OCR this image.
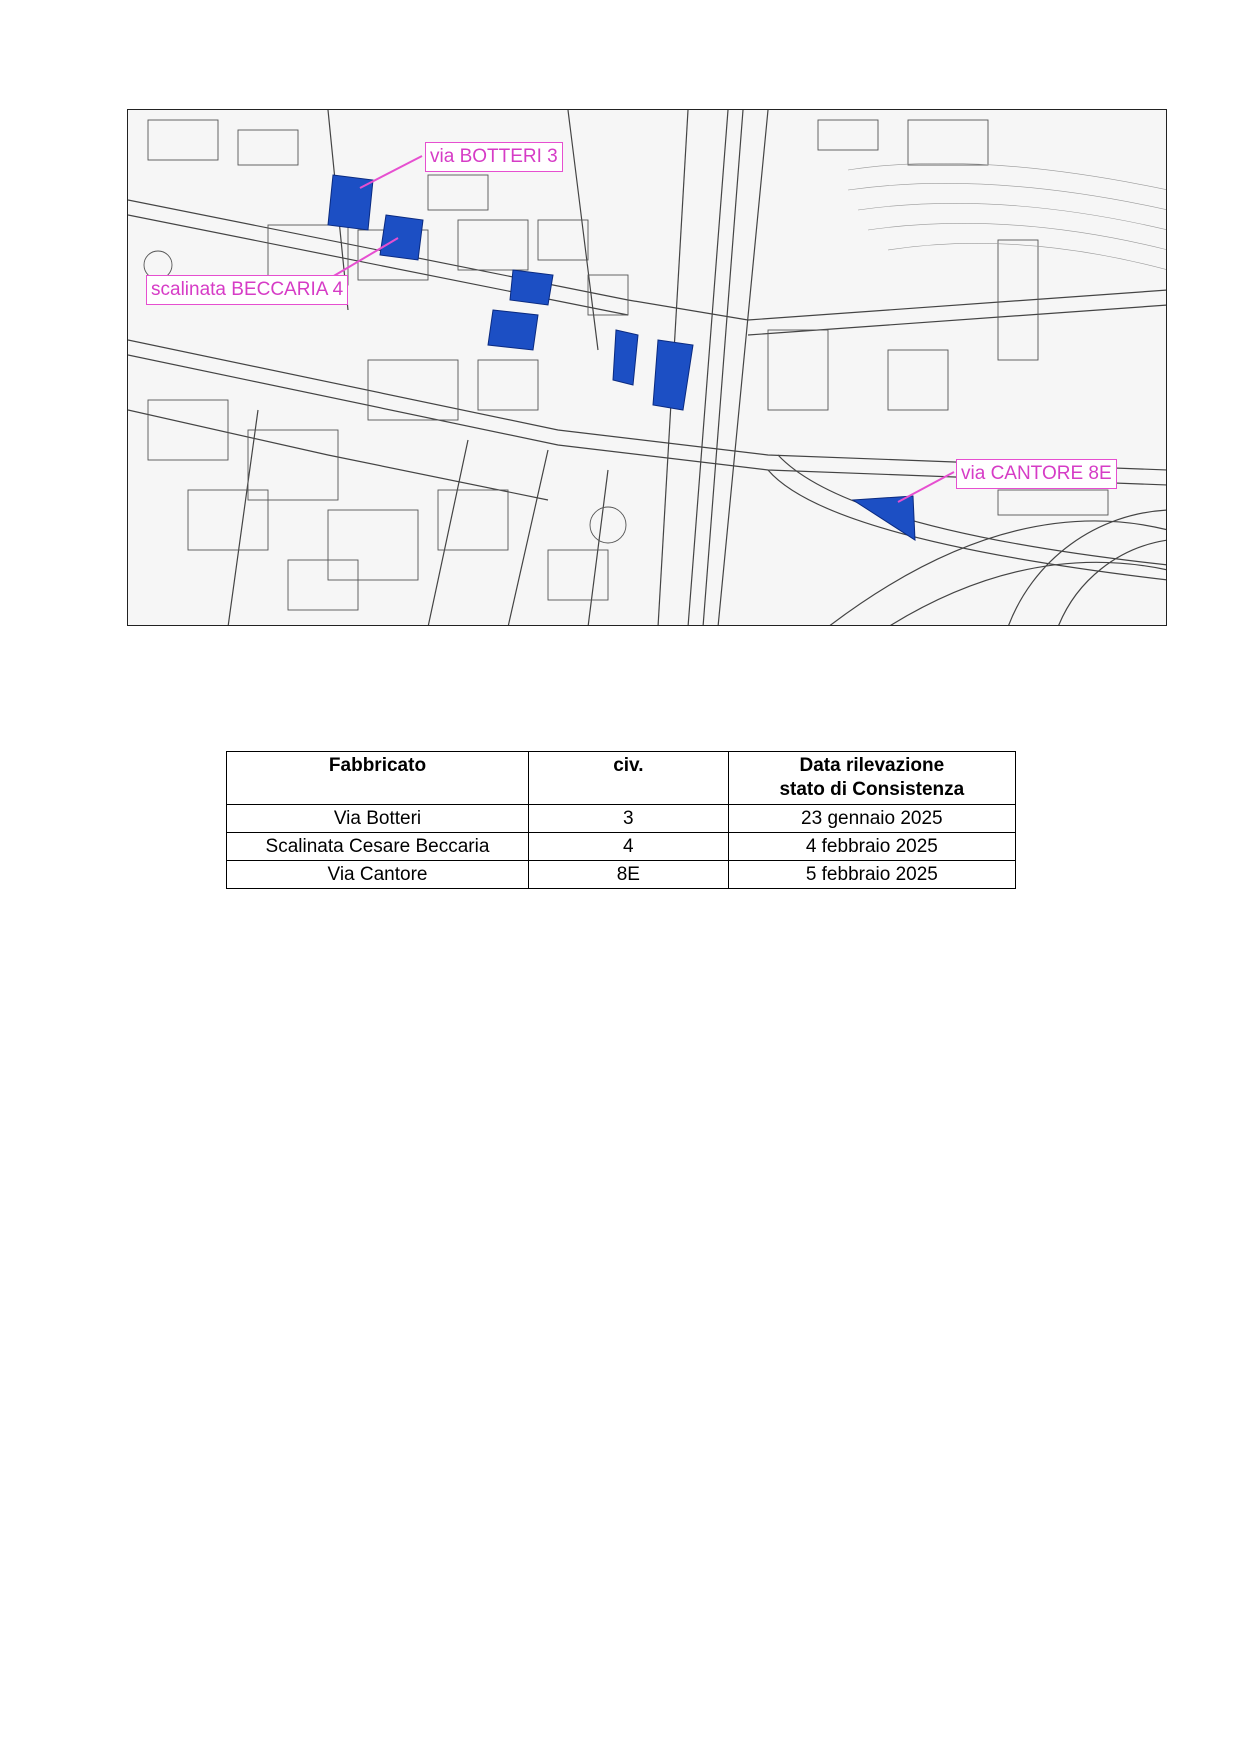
via BOTTERI 3
scalinata BECCARIA 4
via CANTORE 8E
Fabbricato	civ.	Data rilevazione
stato di Consistenza

Via Botteri	3	23 gennaio 2025
Scalinata Cesare Beccaria	4	4 febbraio 2025
Via Cantore	8E	5 febbraio 2025
